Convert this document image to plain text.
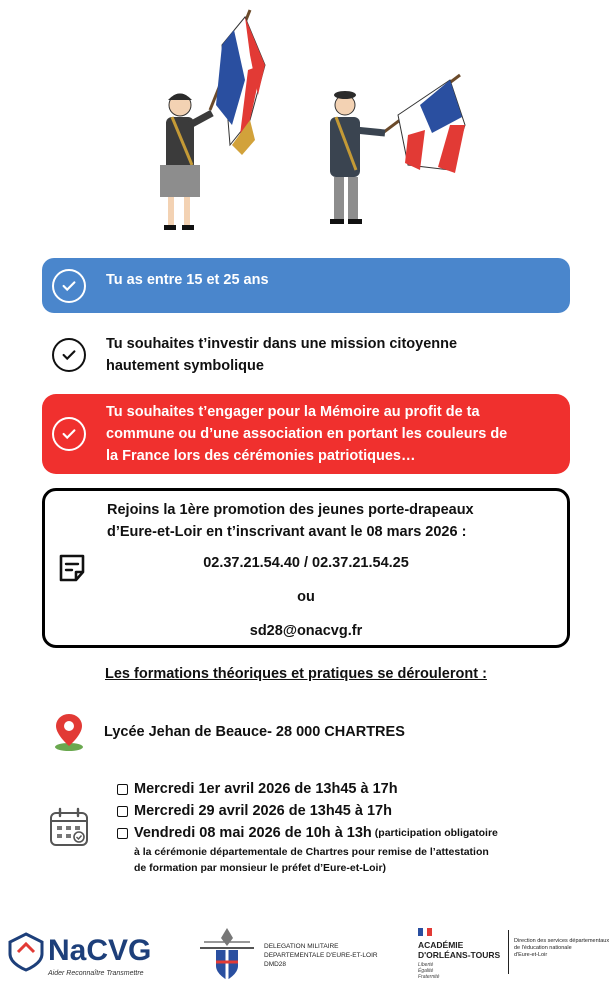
Tu as entre 15 et 25 ans
Tu souhaites t’investir dans une mission citoyenne
hautement symbolique
Tu souhaites t’engager pour la Mémoire au profit de ta
commune ou d’une association en portant les couleurs de
la France lors des cérémonies patriotiques…
Rejoins la 1ère promotion des jeunes porte-drapeaux
d’Eure-et-Loir en t’inscrivant avant le 08 mars 2026 :
02.37.21.54.40 / 02.37.21.54.25
ou
sd28@onacvg.fr
Les formations théoriques et pratiques se dérouleront :
Lycée Jehan de Beauce- 28 000 CHARTRES
Mercredi 1er avril 2026 de 13h45 à 17h
Mercredi 29 avril 2026 de 13h45 à 17h
Vendredi 08 mai 2026 de 10h à 13h (participation obligatoire
à la cérémonie départementale de Chartres pour remise de l’attestation
de formation par monsieur le préfet d’Eure-et-Loir)
NaCVG
Aider Reconnaître Transmettre
DELEGATION MILITAIRE
DEPARTEMENTALE D'EURE-ET-LOIR
DMD28
ACADÉMIE
D'ORLÉANS-TOURS
Liberté
Égalité
Fraternité
Direction des services départementaux
de l'éducation nationale
d'Eure-et-Loir
